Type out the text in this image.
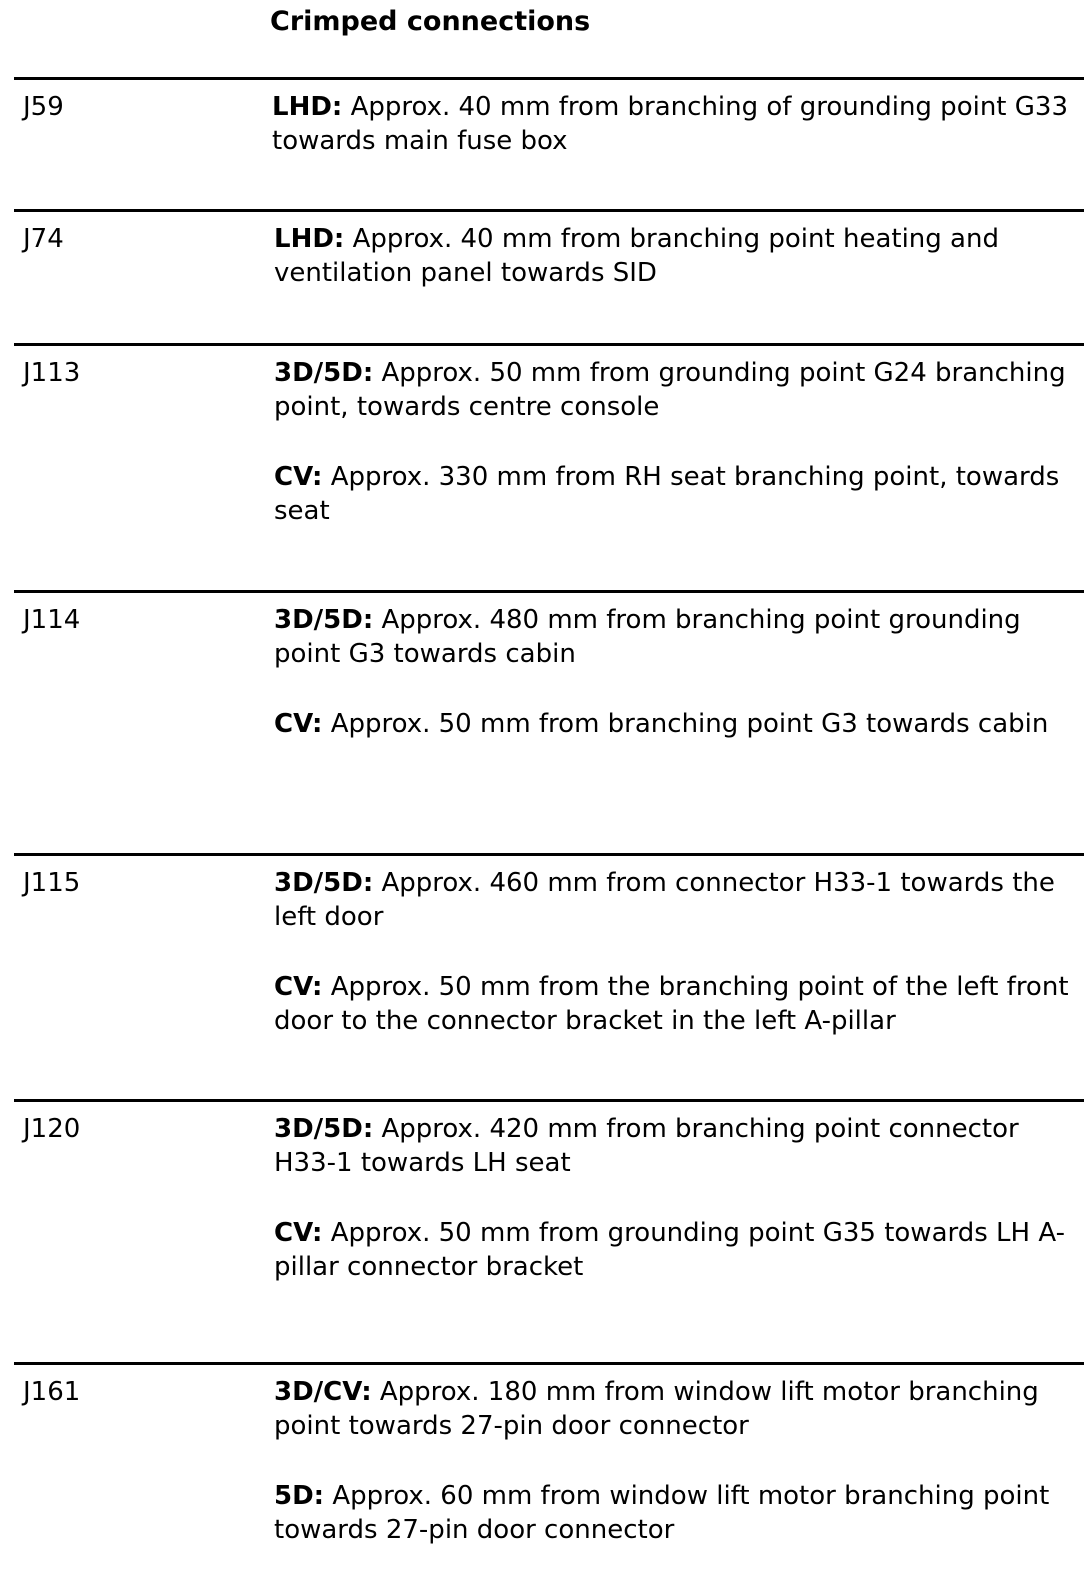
Crimped connections
J59	LHD: Approx. 40 mm from branching of grounding point G33 towards main fuse box

J74	LHD: Approx. 40 mm from branching point heating and ventilation panel towards SID

J113	3D/5D: Approx. 50 mm from grounding point G24 branching point, towards centre console

CV: Approx. 330 mm from RH seat branching point, towards seat

J114	3D/5D: Approx. 480 mm from branching point grounding point G3 towards cabin

CV: Approx. 50 mm from branching point G3 towards cabin

J115	3D/5D: Approx. 460 mm from connector H33-1 towards the left door

CV: Approx. 50 mm from the branching point of the left front door to the connector bracket in the left A-pillar

J120	3D/5D: Approx. 420 mm from branching point connector H33-1 towards LH seat

CV: Approx. 50 mm from grounding point G35 towards LH A-pillar connector bracket

J161	3D/CV: Approx. 180 mm from window lift motor branching point towards 27-pin door connector

5D: Approx. 60 mm from window lift motor branching point towards 27-pin door connector
